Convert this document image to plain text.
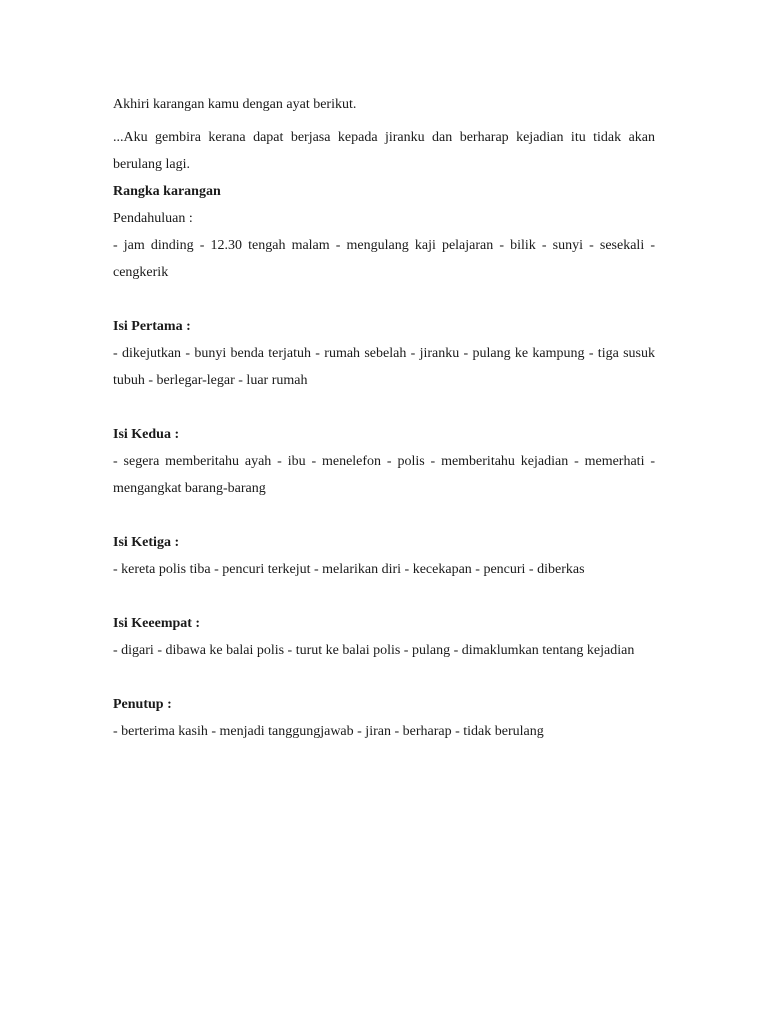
Akhiri karangan kamu dengan ayat berikut.

...Aku gembira kerana dapat berjasa kepada jiranku dan berharap kejadian itu tidak akan berulang lagi.

Rangka karangan

Pendahuluan :

- jam dinding - 12.30 tengah malam - mengulang kaji pelajaran - bilik - sunyi - sesekali - cengkerik

Isi Pertama :

- dikejutkan - bunyi benda terjatuh - rumah sebelah - jiranku - pulang ke kampung - tiga susuk tubuh - berlegar-legar - luar rumah

Isi Kedua :

- segera memberitahu ayah - ibu - menelefon - polis - memberitahu kejadian - memerhati - mengangkat barang-barang

Isi Ketiga :

- kereta polis tiba - pencuri terkejut - melarikan diri - kecekapan - pencuri - diberkas

Isi Keeempat :

- digari - dibawa ke balai polis - turut ke balai polis - pulang - dimaklumkan tentang kejadian

Penutup :

- berterima kasih - menjadi tanggungjawab - jiran - berharap - tidak berulang
